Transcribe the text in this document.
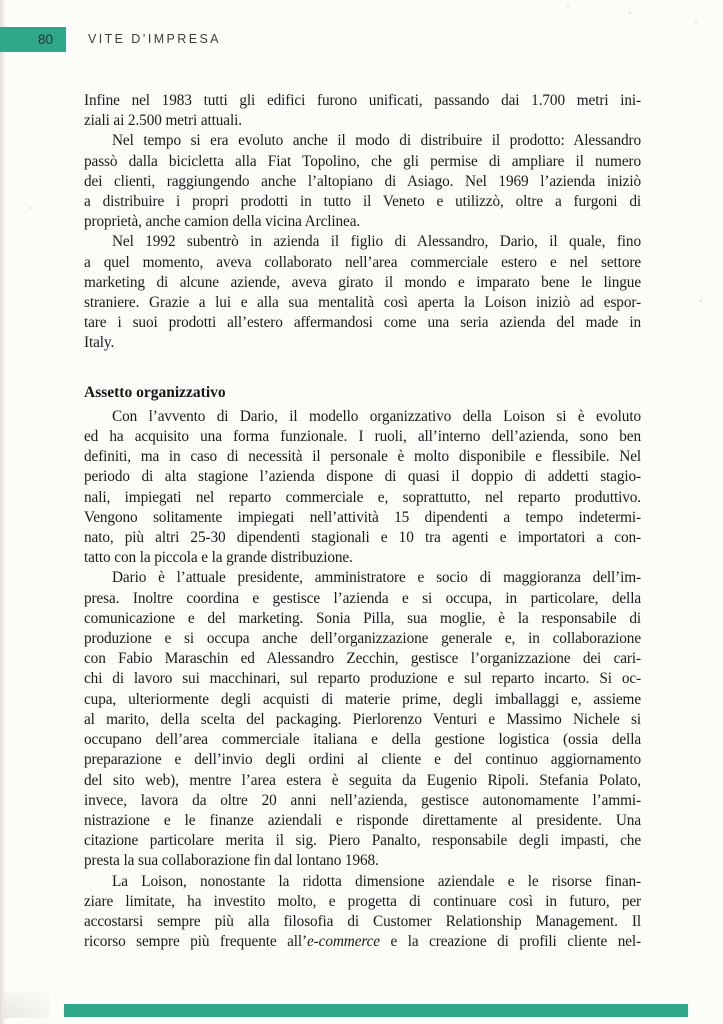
80	VITE D’IMPRESA
Infine nel 1983 tutti gli edifici furono unificati, passando dai 1.700 metri ini-
ziali ai 2.500 metri attuali.
Nel tempo si era evoluto anche il modo di distribuire il prodotto: Alessandro
passò dalla bicicletta alla Fiat Topolino, che gli permise di ampliare il numero
dei clienti, raggiungendo anche l’altopiano di Asiago. Nel 1969 l’azienda iniziò
a distribuire i propri prodotti in tutto il Veneto e utilizzò, oltre a furgoni di
proprietà, anche camion della vicina Arclinea.
Nel 1992 subentrò in azienda il figlio di Alessandro, Dario, il quale, fino
a quel momento, aveva collaborato nell’area commerciale estero e nel settore
marketing di alcune aziende, aveva girato il mondo e imparato bene le lingue
straniere. Grazie a lui e alla sua mentalità così aperta la Loison iniziò ad espor-
tare i suoi prodotti all’estero affermandosi come una seria azienda del made in
Italy.
Assetto organizzativo
Con l’avvento di Dario, il modello organizzativo della Loison si è evoluto
ed ha acquisito una forma funzionale. I ruoli, all’interno dell’azienda, sono ben
definiti, ma in caso di necessità il personale è molto disponibile e flessibile. Nel
periodo di alta stagione l’azienda dispone di quasi il doppio di addetti stagio-
nali, impiegati nel reparto commerciale e, soprattutto, nel reparto produttivo.
Vengono solitamente impiegati nell’attività 15 dipendenti a tempo indetermi-
nato, più altri 25-30 dipendenti stagionali e 10 tra agenti e importatori a con-
tatto con la piccola e la grande distribuzione.
Dario è l’attuale presidente, amministratore e socio di maggioranza dell’im-
presa. Inoltre coordina e gestisce l’azienda e si occupa, in particolare, della
comunicazione e del marketing. Sonia Pilla, sua moglie, è la responsabile di
produzione e si occupa anche dell’organizzazione generale e, in collaborazione
con Fabio Maraschin ed Alessandro Zecchin, gestisce l’organizzazione dei cari-
chi di lavoro sui macchinari, sul reparto produzione e sul reparto incarto. Si oc-
cupa, ulteriormente degli acquisti di materie prime, degli imballaggi e, assieme
al marito, della scelta del packaging. Pierlorenzo Venturi e Massimo Nichele si
occupano dell’area commerciale italiana e della gestione logistica (ossia della
preparazione e dell’invio degli ordini al cliente e del continuo aggiornamento
del sito web), mentre l’area estera è seguita da Eugenio Ripoli. Stefania Polato,
invece, lavora da oltre 20 anni nell’azienda, gestisce autonomamente l’ammi-
nistrazione e le finanze aziendali e risponde direttamente al presidente. Una
citazione particolare merita il sig. Piero Panalto, responsabile degli impasti, che
presta la sua collaborazione fin dal lontano 1968.
La Loison, nonostante la ridotta dimensione aziendale e le risorse finan-
ziare limitate, ha investito molto, e progetta di continuare così in futuro, per
accostarsi sempre più alla filosofia di Customer Relationship Management. Il
ricorso sempre più frequente all’e-commerce e la creazione di profili cliente nel-
